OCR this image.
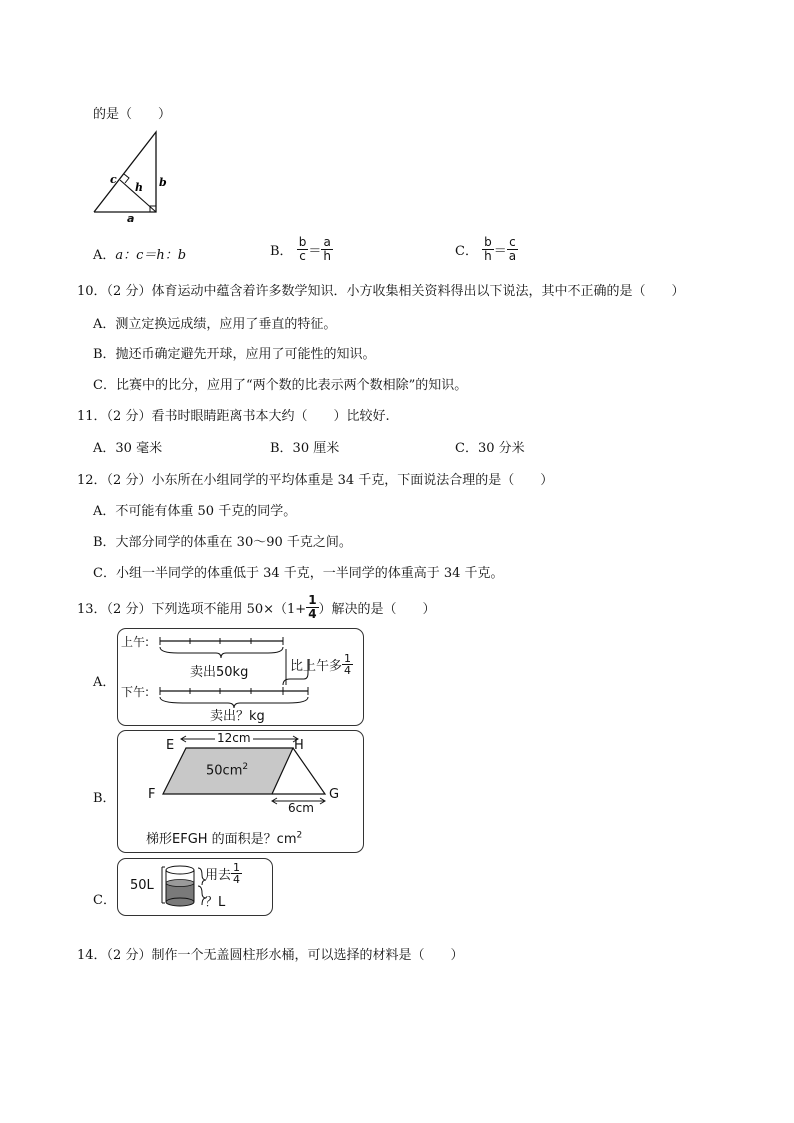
的是（　　）
c
h b
a
A．a：c＝h：b	B． $\frac{b}{c} = \frac{a}{h}$	C． $\frac{b}{h} = \frac{c}{a}$
10．（2 分）体育运动中蕴含着许多数学知识．小方收集相关资料得出以下说法，其中不正确的是（　　）
A．测立定换远成绩，应用了垂直的特征。
B．抛还币确定避先开球，应用了可能性的知识。
C．比赛中的比分，应用了“两个数的比表示两个数相除”的知识。
11．（2 分）看书时眼睛距离书本大约（　　）比较好.
A．30 毫米	B．30 厘米	C．30 分米
12．（2 分）小东所在小组同学的平均体重是 34 千克，下面说法合理的是（　　）
A．不可能有体重 50 千克的同学。
B．大部分同学的体重在 30～90 千克之间。
C．小组一半同学的体重低于 34 千克，一半同学的体重高于 34 千克。
13．（2 分）下列选项不能用 $50\times(1+ \frac{1}{4}$ ）解决的是（　　）
A．
上午:
下午:
卖出50kg	比上午多 $\frac{1}{4}$
卖出？kg
B．
E	H
F	G
12cm
$50cm^2$
6cm
梯形EFGH 的面积是？$cm^2$
C．
50L
用去 $\frac{1}{4}$
？L
14．（2 分）制作一个无盖圆柱形水桶，可以选择的材料是（　　）
